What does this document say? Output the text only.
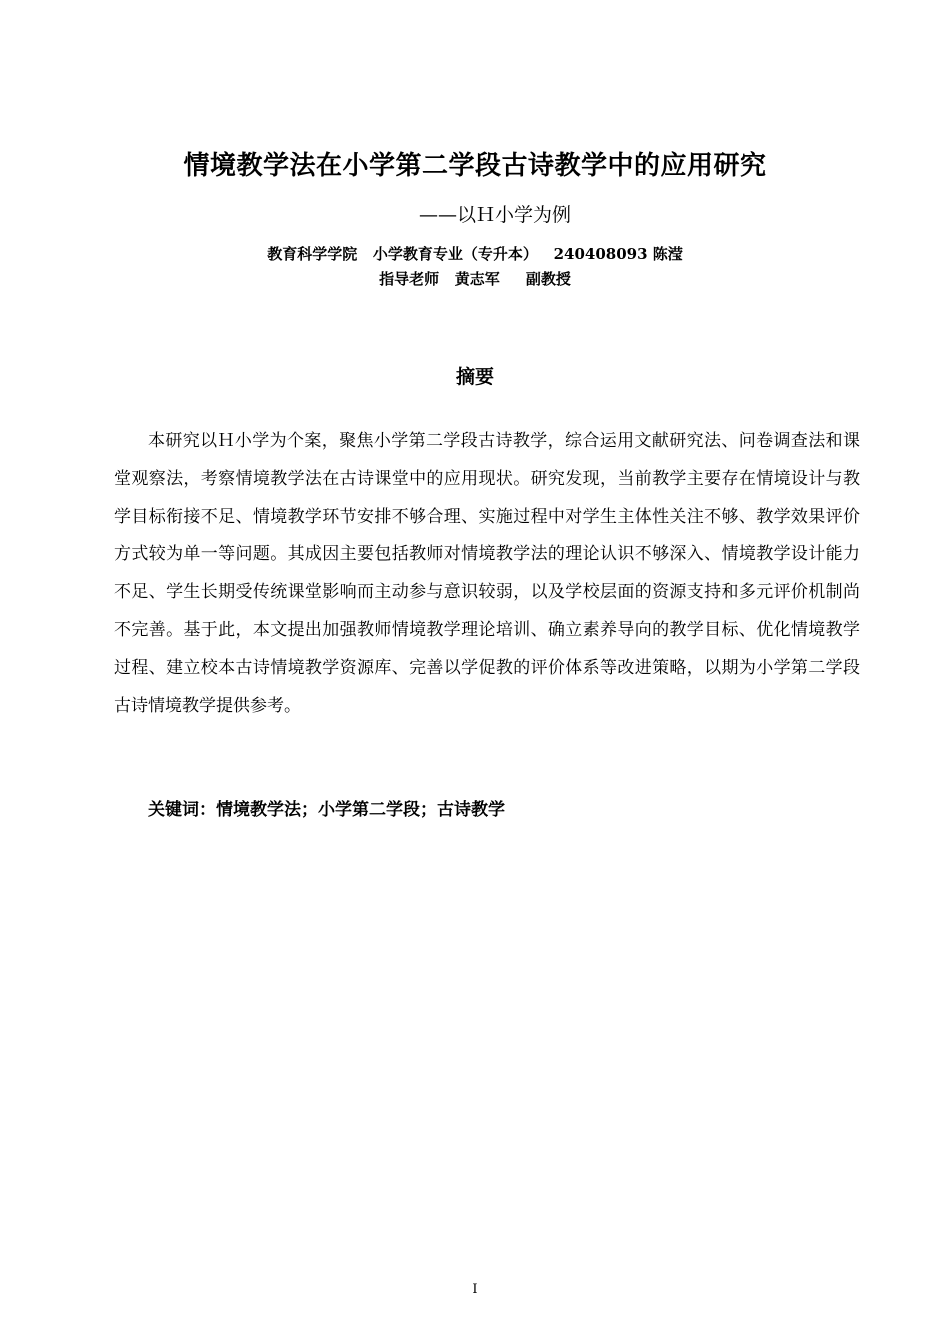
情境教学法在小学第二学段古诗教学中的应用研究
——以Ｈ小学为例
教育科学学院   小学教育专业（专升本）   240408093 陈滢
指导老师   黄志军     副教授
摘要

本研究以Ｈ小学为个案，聚焦小学第二学段古诗教学，综合运用文献研究法、问卷调查法和课堂观察法，考察情境教学法在古诗课堂中的应用现状。研究发现，当前教学主要存在情境设计与教学目标衔接不足、情境教学环节安排不够合理、实施过程中对学生主体性关注不够、教学效果评价方式较为单一等问题。其成因主要包括教师对情境教学法的理论认识不够深入、情境教学设计能力不足、学生长期受传统课堂影响而主动参与意识较弱，以及学校层面的资源支持和多元评价机制尚不完善。基于此，本文提出加强教师情境教学理论培训、确立素养导向的教学目标、优化情境教学过程、建立校本古诗情境教学资源库、完善以学促教的评价体系等改进策略，以期为小学第二学段古诗情境教学提供参考。

关键词：情境教学法；小学第二学段；古诗教学
I
